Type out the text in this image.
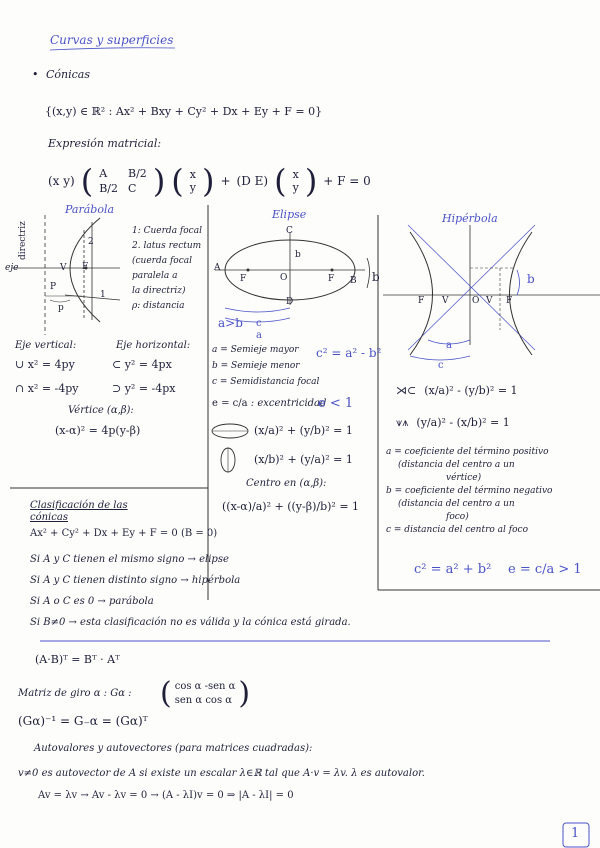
Curvas y superficies
• Cónicas
{(x,y) ∈ ℝ² : Ax² + Bxy + Cy² + Dx + Ey + F = 0}
Expresión matricial:
(x y) ( A	B/2
B/2 C ) ( x
y ) + (D E) ( x
y ) + F = 0
Parábola
directriz
eje	V F
2
1
P
p
1: Cuerda focal
2. latus rectum
(cuerda focal
paralela a
la directriz)
ρ: distancia
Eje vertical:	Eje horizontal:
∪ x² = 4py	⊂ y² = 4px
∩ x² = -4py	⊃ y² = -4px
Vértice (α,β):
(x-α)² = 4p(y-β)
Elipse
C
D
A
B
F	F
O
b
b
c
a
a>b
c² = a² - b²
a = Semieje mayor
b = Semieje menor
c = Semidistancia focal
e = c/a : excentricidad
e < 1
(x/a)² + (y/b)² = 1
(x/b)² + (y/a)² = 1
Centro en (α,β):
((x-α)/a)² + ((y-β)/b)² = 1
Hipérbola
F V	O V F
b
a
c
⋊⊂ (x/a)² - (y/b)² = 1
⩛⩚ (y/a)² - (x/b)² = 1
a = coeficiente del término positivo
(distancia del centro a un
vértice)
b = coeficiente del término negativo
(distancia del centro a un
foco)
c = distancia del centro al foco
c² = a² + b² e = c/a > 1
Clasificación de las cónicas
Ax² + Cy² + Dx + Ey + F = 0 (B = 0)
Si A y C tienen el mismo signo → elipse
Si A y C tienen distinto signo → hipérbola
Si A o C es 0 → parábola
Si B≠0 → esta clasificación no es válida y la cónica está girada.
(A·B)ᵀ = Bᵀ · Aᵀ
Matriz de giro α : Gα : ( cos α -sen α
sen α cos α )
(Gα)⁻¹ = G₋α = (Gα)ᵀ
Autovalores y autovectores (para matrices cuadradas):
v≠0 es autovector de A si existe un escalar λ∈ℝ tal que A·v = λv. λ es autovalor.
Av = λv → Av - λv = 0 → (A - λI)v = 0 ⇒ |A - λI| = 0
1
